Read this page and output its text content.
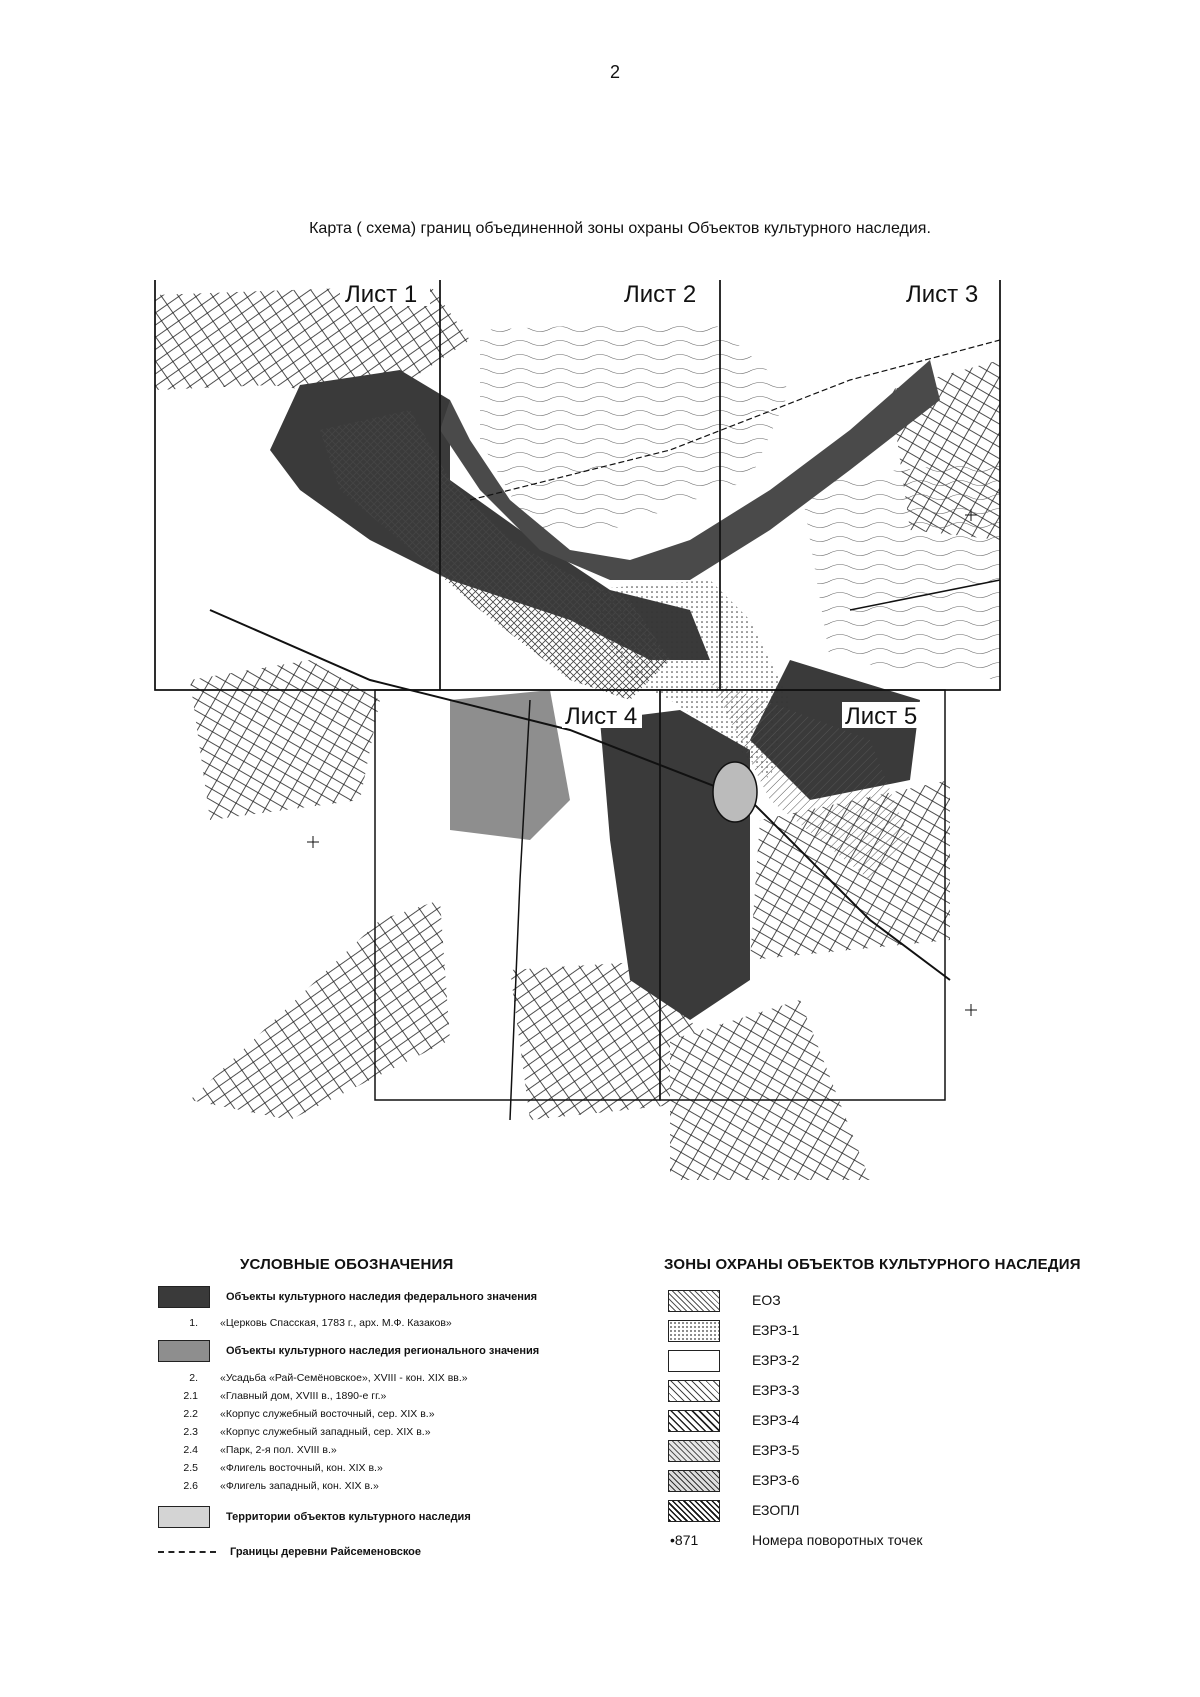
2
Карта ( схема) границ объединенной зоны охраны Объектов культурного наследия.
Лист 1	Лист 2	Лист 3
Лист 4	Лист 5
УСЛОВНЫЕ ОБОЗНАЧЕНИЯ
Объекты культурного наследия федерального значения
1.	«Церковь Спасская, 1783 г., арх. М.Ф. Казаков»
Объекты культурного наследия регионального значения
2.	«Усадьба «Рай-Семёновское», XVIII - кон. XIX вв.»
2.1	«Главный дом, XVIII в., 1890-е гг.»
2.2	«Корпус служебный восточный, сер. XIX в.»
2.3	«Корпус служебный западный, сер. XIX в.»
2.4	«Парк, 2-я пол. XVIII в.»
2.5	«Флигель восточный, кон. XIX в.»
2.6	«Флигель западный, кон. XIX в.»
Территории объектов культурного наследия
Границы деревни Райсеменовское
ЗОНЫ ОХРАНЫ ОБЪЕКТОВ КУЛЬТУРНОГО НАСЛЕДИЯ
ЕОЗ
ЕЗРЗ-1
ЕЗРЗ-2
ЕЗРЗ-3
ЕЗРЗ-4
ЕЗРЗ-5
ЕЗРЗ-6
ЕЗОПЛ
•871	Номера поворотных точек
